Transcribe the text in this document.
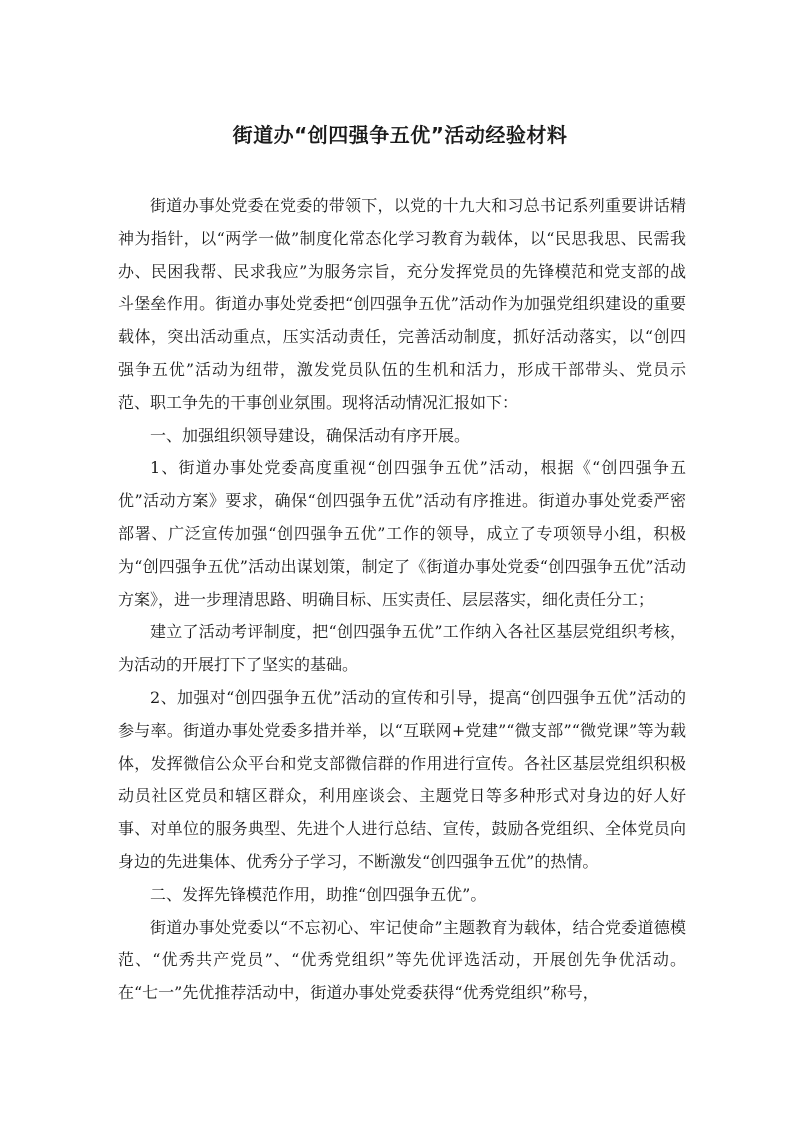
街道办“创四强争五优”活动经验材料

街道办事处党委在党委的带领下，以党的十九大和习总书记系列重要讲话精神为指针，以“两学一做”制度化常态化学习教育为载体，以“民思我思、民需我办、民困我帮、民求我应”为服务宗旨，充分发挥党员的先锋模范和党支部的战斗堡垒作用。街道办事处党委把“创四强争五优”活动作为加强党组织建设的重要载体，突出活动重点，压实活动责任，完善活动制度，抓好活动落实，以“创四强争五优”活动为纽带，激发党员队伍的生机和活力，形成干部带头、党员示范、职工争先的干事创业氛围。现将活动情况汇报如下：

一、加强组织领导建设，确保活动有序开展。

1、街道办事处党委高度重视“创四强争五优”活动，根据《“创四强争五优”活动方案》要求，确保“创四强争五优”活动有序推进。街道办事处党委严密部署、广泛宣传加强“创四强争五优”工作的领导，成立了专项领导小组，积极为“创四强争五优”活动出谋划策，制定了《街道办事处党委“创四强争五优”活动方案》，进一步理清思路、明确目标、压实责任、层层落实，细化责任分工；

建立了活动考评制度，把“创四强争五优”工作纳入各社区基层党组织考核，为活动的开展打下了坚实的基础。

2、加强对“创四强争五优”活动的宣传和引导，提高“创四强争五优”活动的参与率。街道办事处党委多措并举，以“互联网+党建”“微支部”“微党课”等为载体，发挥微信公众平台和党支部微信群的作用进行宣传。各社区基层党组织积极动员社区党员和辖区群众，利用座谈会、主题党日等多种形式对身边的好人好事、对单位的服务典型、先进个人进行总结、宣传，鼓励各党组织、全体党员向身边的先进集体、优秀分子学习，不断激发“创四强争五优”的热情。

二、发挥先锋模范作用，助推“创四强争五优”。

街道办事处党委以“不忘初心、牢记使命”主题教育为载体，结合党委道德模范、“优秀共产党员”、“优秀党组织”等先优评选活动，开展创先争优活动。在“七一”先优推荐活动中，街道办事处党委获得“优秀党组织”称号，
